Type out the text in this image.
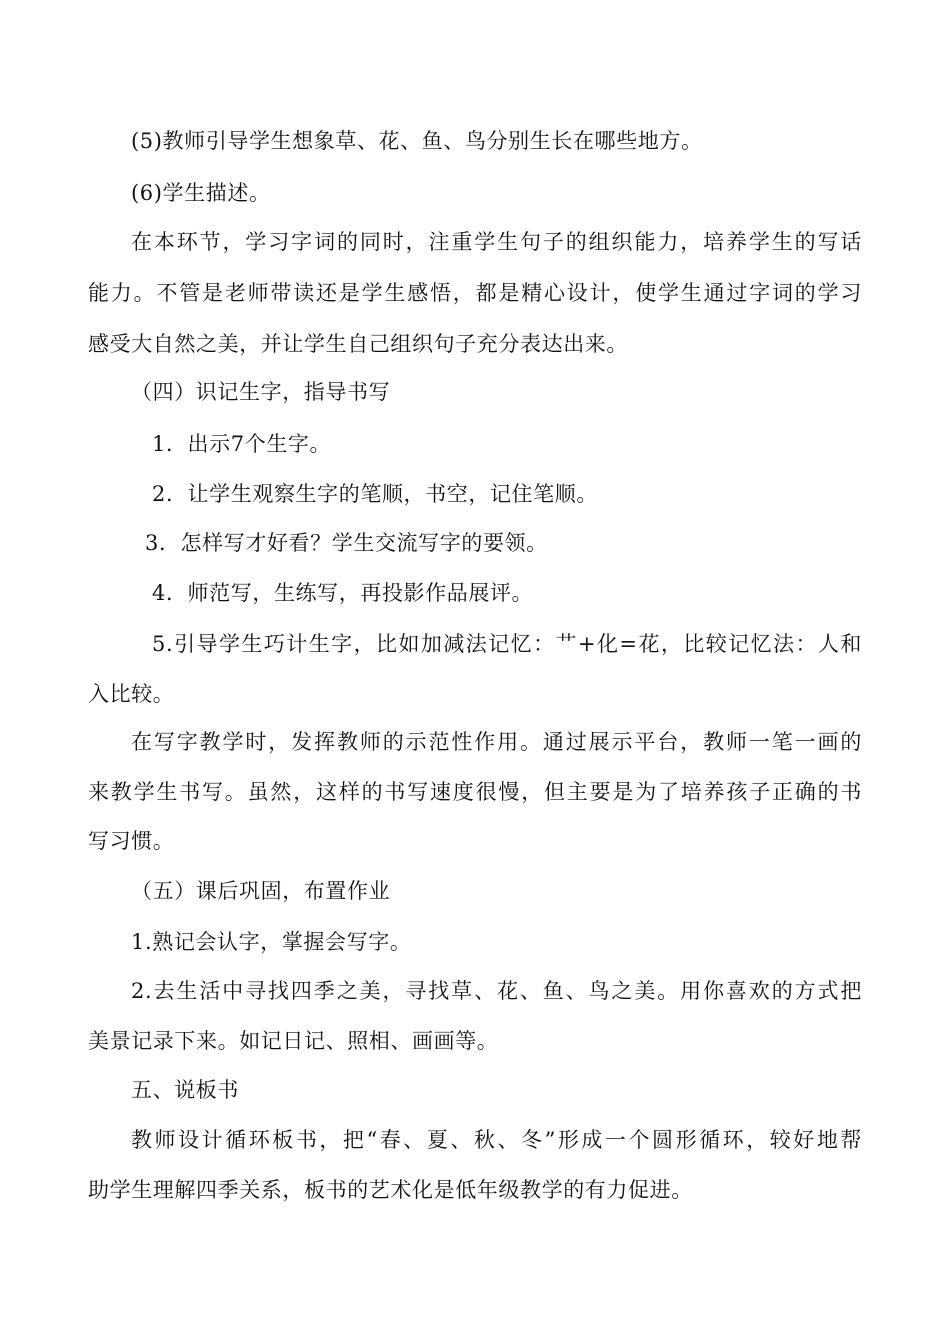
(5)教师引导学生想象草、花、鱼、鸟分别生长在哪些地方。
(6)学生描述。
在本环节，学习字词的同时，注重学生句子的组织能力，培养学生的写话
能力。不管是老师带读还是学生感悟，都是精心设计，使学生通过字词的学习
感受大自然之美，并让学生自己组织句子充分表达出来。
（四）识记生字，指导书写
1．出示7个生字。
2．让学生观察生字的笔顺，书空，记住笔顺。
3．怎样写才好看？学生交流写字的要领。
4．师范写，生练写，再投影作品展评。
5.引导学生巧计生字，比如加减法记忆：艹+化=花，比较记忆法：人和
入比较。
在写字教学时，发挥教师的示范性作用。通过展示平台，教师一笔一画的
来教学生书写。虽然，这样的书写速度很慢，但主要是为了培养孩子正确的书
写习惯。
（五）课后巩固，布置作业
1.熟记会认字，掌握会写字。
2.去生活中寻找四季之美，寻找草、花、鱼、鸟之美。用你喜欢的方式把
美景记录下来。如记日记、照相、画画等。
五、说板书
教师设计循环板书，把“春、夏、秋、冬”形成一个圆形循环，较好地帮
助学生理解四季关系，板书的艺术化是低年级教学的有力促进。
